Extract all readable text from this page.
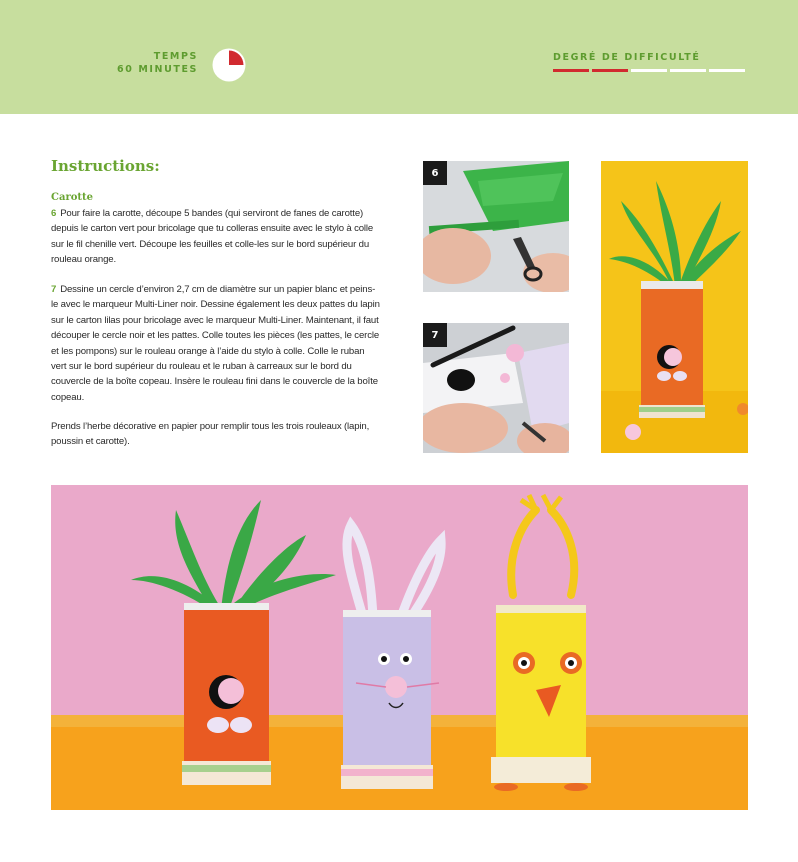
TEMPS
60 MINUTES
DEGRÉ DE DIFFICULTÉ
Instructions:
Carotte

6 Pour faire la carotte, découpe 5 bandes (qui serviront de fanes de carotte) depuis le carton vert pour bricolage que tu colleras ensuite avec le stylo à colle sur le fil chenille vert. Découpe les feuilles et colle-les sur le bord supérieur du rouleau orange.

7 Dessine un cercle d’environ 2,7 cm de diamètre sur un papier blanc et peins-le avec le marqueur Multi-Liner noir. Dessine également les deux pattes du lapin sur le carton lilas pour bricolage avec le marqueur Multi-Liner. Maintenant, il faut découper le cercle noir et les pattes. Colle toutes les pièces (les pattes, le cercle et les pompons) sur le rouleau orange à l’aide du stylo à colle. Colle le ruban vert sur le bord supérieur du rouleau et le ruban à carreaux sur le bord du couvercle de la boîte copeau. Insère le rouleau fini dans le couvercle de la boîte copeau.

Prends l’herbe décorative en papier pour remplir tous les trois rouleaux (lapin, poussin et carotte).

6
7
